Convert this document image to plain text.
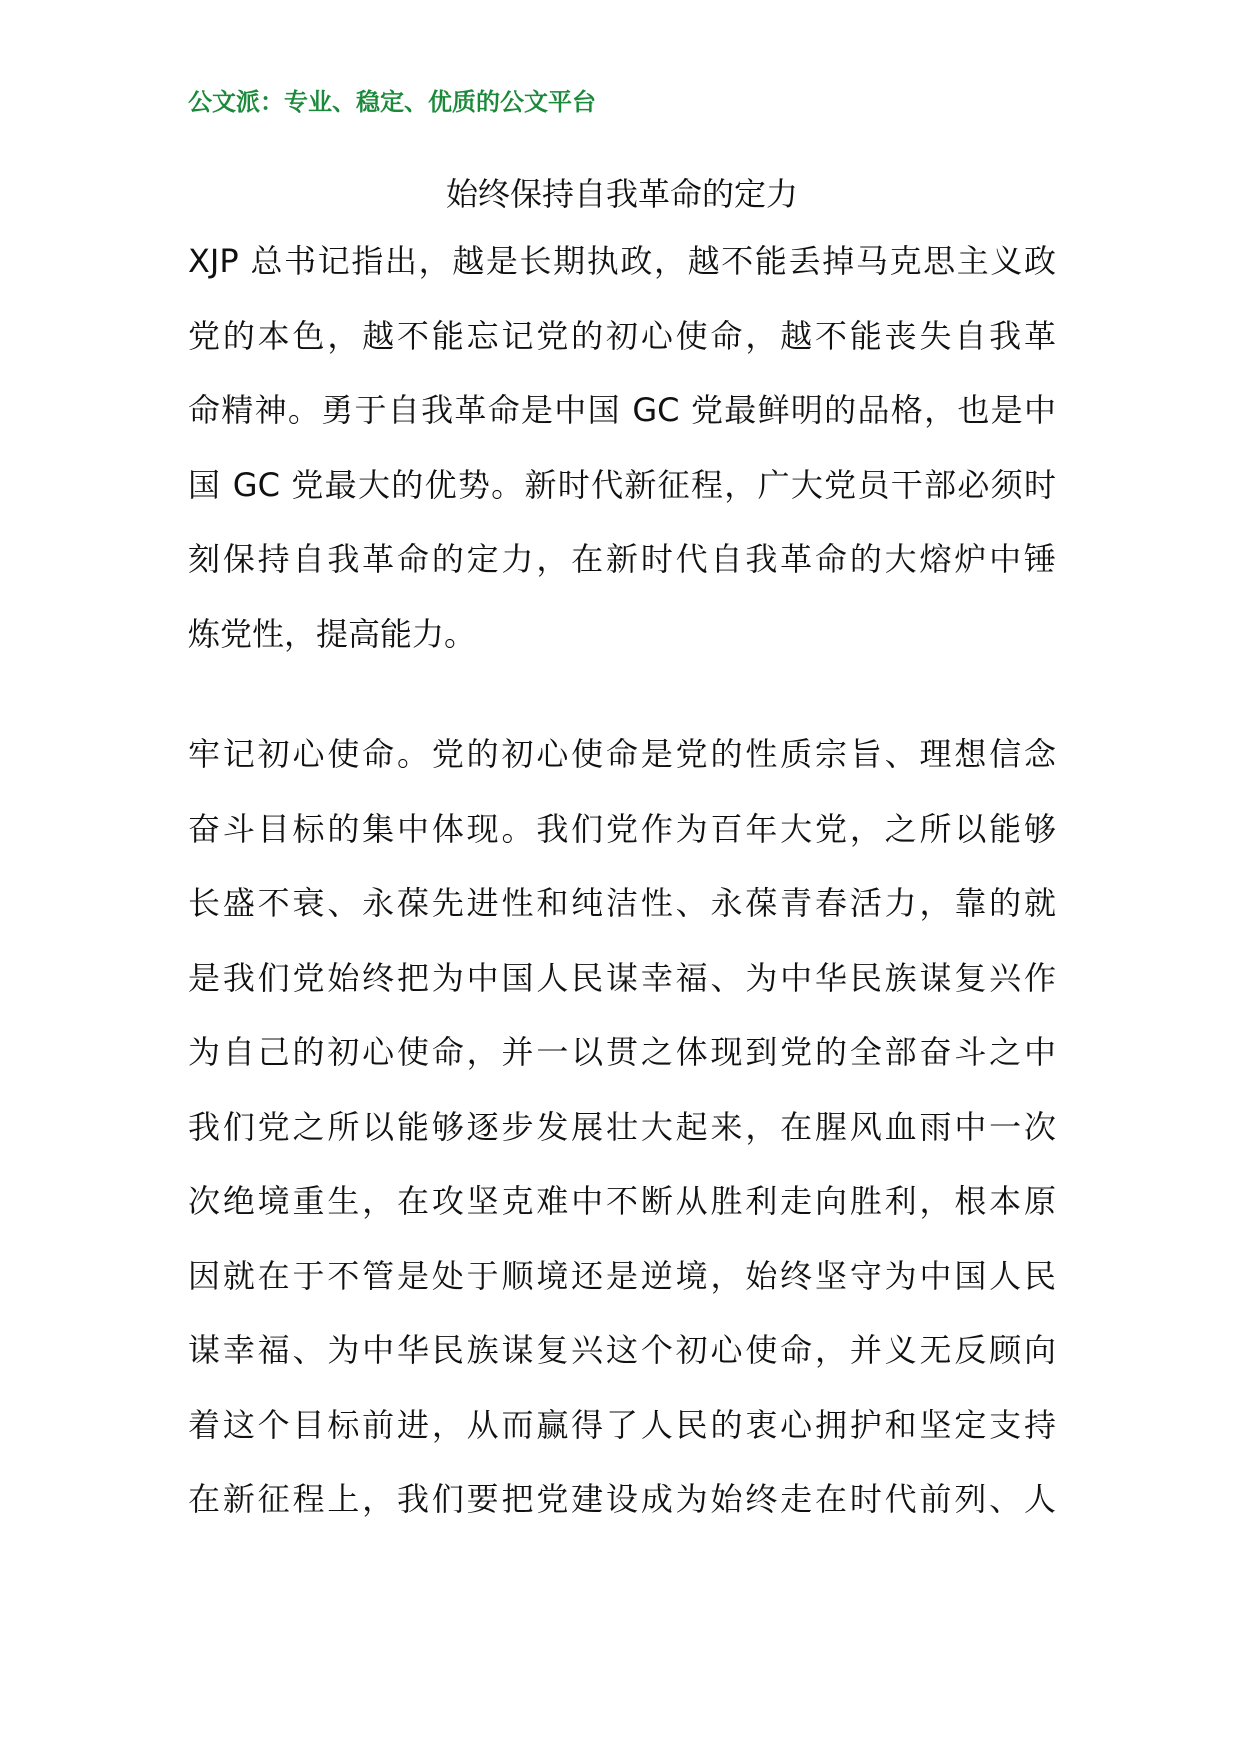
公文派：专业、稳定、优质的公文平台
始终保持自我革命的定力
XJP 总书记指出，越是长期执政，越不能丢掉马克思主义政
党的本色，越不能忘记党的初心使命，越不能丧失自我革
命精神。勇于自我革命是中国 GC 党最鲜明的品格，也是中
国 GC 党最大的优势。新时代新征程，广大党员干部必须时
刻保持自我革命的定力，在新时代自我革命的大熔炉中锤
炼党性，提高能力。
牢记初心使命。党的初心使命是党的性质宗旨、理想信念
奋斗目标的集中体现。我们党作为百年大党，之所以能够
长盛不衰、永葆先进性和纯洁性、永葆青春活力，靠的就
是我们党始终把为中国人民谋幸福、为中华民族谋复兴作
为自己的初心使命，并一以贯之体现到党的全部奋斗之中
我们党之所以能够逐步发展壮大起来，在腥风血雨中一次
次绝境重生，在攻坚克难中不断从胜利走向胜利，根本原
因就在于不管是处于顺境还是逆境，始终坚守为中国人民
谋幸福、为中华民族谋复兴这个初心使命，并义无反顾向
着这个目标前进，从而赢得了人民的衷心拥护和坚定支持
在新征程上，我们要把党建设成为始终走在时代前列、人
